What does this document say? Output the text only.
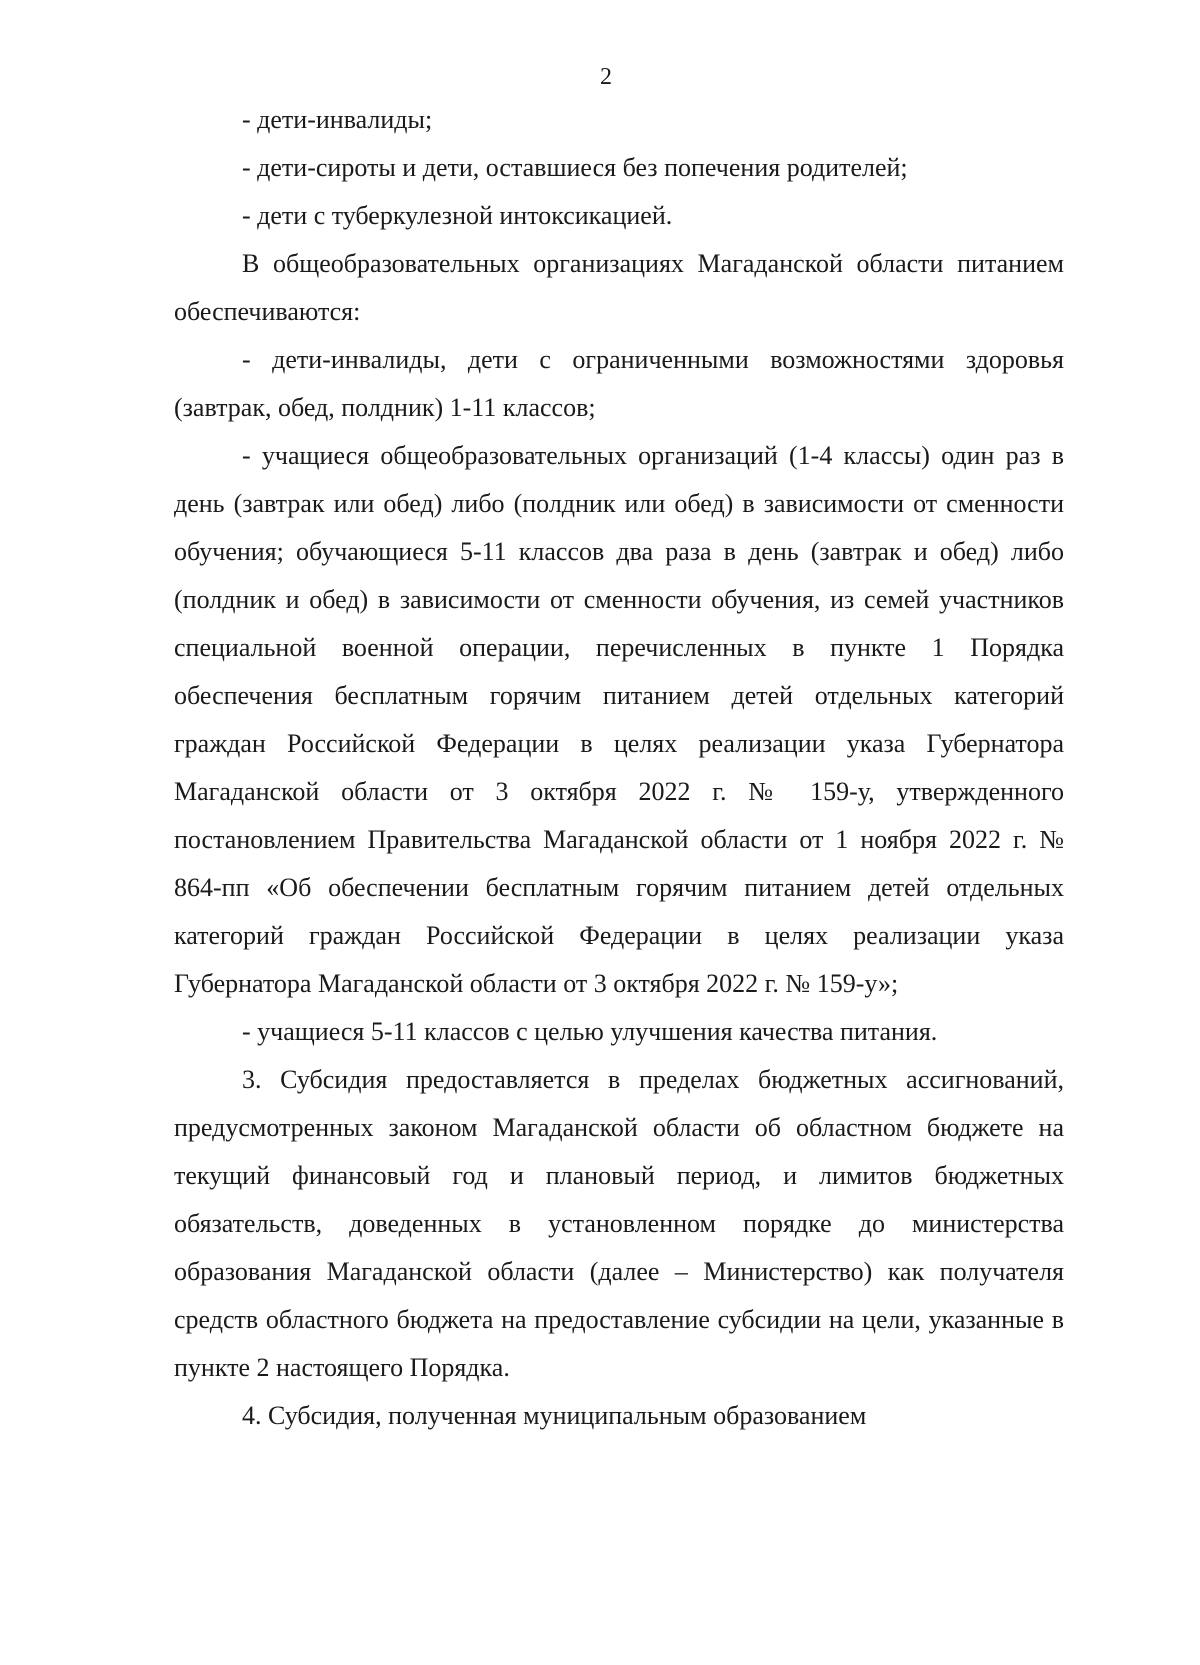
2

- дети-инвалиды;

- дети-сироты и дети, оставшиеся без попечения родителей;

- дети с туберкулезной интоксикацией.

В общеобразовательных организациях Магаданской области питанием обеспечиваются:

- дети-инвалиды, дети с ограниченными возможностями здоровья (завтрак, обед, полдник) 1-11 классов;

- учащиеся общеобразовательных организаций (1-4 классы) один раз в день (завтрак или обед) либо (полдник или обед) в зависимости от сменности обучения; обучающиеся 5-11 классов два раза в день (завтрак и обед) либо (полдник и обед) в зависимости от сменности обучения, из семей участников специальной военной операции, перечисленных в пункте 1 Порядка обеспечения бесплатным горячим питанием детей отдельных категорий граждан Российской Федерации в целях реализации указа Губернатора Магаданской области от 3 октября 2022 г. № 159-у, утвержденного постановлением Правительства Магаданской области от 1 ноября 2022 г. № 864-пп «Об обеспечении бесплатным горячим питанием детей отдельных категорий граждан Российской Федерации в целях реализации указа Губернатора Магаданской области от 3 октября 2022 г. № 159-у»;

- учащиеся 5-11 классов с целью улучшения качества питания.

3. Субсидия предоставляется в пределах бюджетных ассигнований, предусмотренных законом Магаданской области об областном бюджете на текущий финансовый год и плановый период, и лимитов бюджетных обязательств, доведенных в установленном порядке до министерства образования Магаданской области (далее – Министерство) как получателя средств областного бюджета на предоставление субсидии на цели, указанные в пункте 2 настоящего Порядка.

4. Субсидия, полученная муниципальным образованием
